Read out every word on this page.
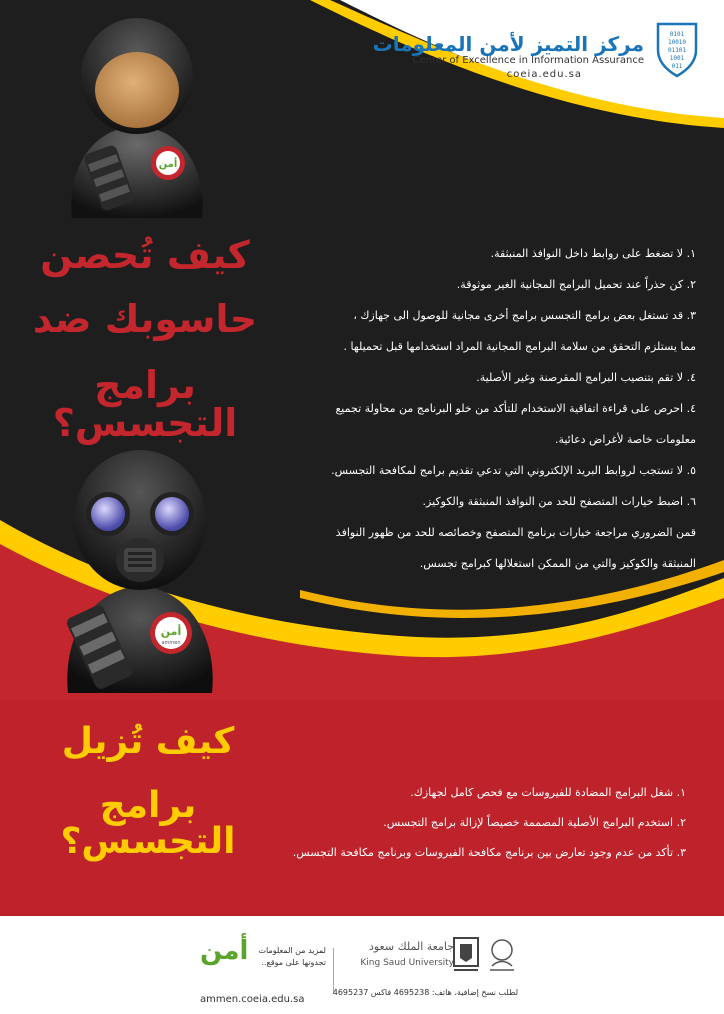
0101
10010
01101
1001
011
مركز التميز لأمن المعلومات
Center of Excellence in Information Assurance
coeia.edu.sa
أمن
كيف تُحصن
حاسوبك ضد
برامج التجسس؟
١. لا تضغط على روابط داخل النوافذ المنبثقة.
٢. كن حذراً عند تحميل البرامج المجانية الغير موثوقة.
٣. قد تستغل بعض برامج التجسس برامج أخرى مجانية للوصول الى جهازك ،
مما يستلزم التحقق من سلامة البرامج المجانية المراد استخدامها قبل تحميلها .
٤. لا تقم بتنصيب البرامج المقرصنة وغير الأصلية.
٤. احرص على قراءة اتفاقية الاستخدام للتأكد من خلو البرنامج من محاولة تجميع
معلومات خاصة لأغراض دعائية.
٥. لا تستجب لروابط البريد الإلكتروني التي تدعي تقديم برامج لمكافحة التجسس.
٦. اضبط خيارات المتصفح للحد من النوافذ المنبثقة والكوكيز.
قمن الضروري مراجعة خيارات برنامج المتصفح وخصائصه للحد من ظهور النوافذ
المنبثقة والكوكيز والتي من الممكن استغلالها كبرامج تجسس.
أمن
ammen
كيف تُزيل
برامج التجسس؟
١. شغل البرامج المضادة للفيروسات مع فحص كامل لجهازك.
٢. استخدم البرامج الأصلية المصممة خصيصاً لإزالة برامج التجسس.
٣. تأكد من عدم وجود تعارض بين برنامج مكافحة الفيروسات وبرنامج مكافحة التجسس.
أمن لمزيد من المعلومات
تجدونها على موقع..
ammen.coeia.edu.sa
جامعة الملك سعود
King Saud University
لطلب نسخ إضافية، هاتف: 4695238 فاكس 4695237
